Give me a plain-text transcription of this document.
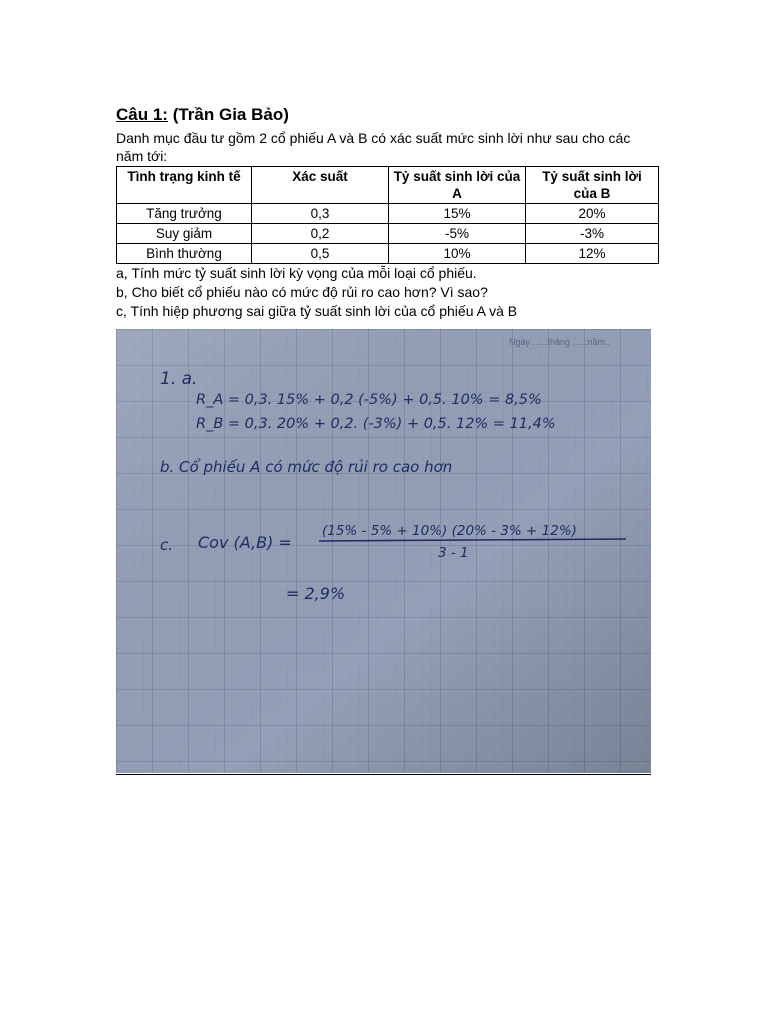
Câu 1: (Trần Gia Bảo)

Danh mục đầu tư gồm 2 cổ phiếu A và B có xác suất mức sinh lời như sau cho các năm tới:

Tình trạng kinh tế	Xác suất	Tỷ suất sinh lời của A	Tỷ suất sinh lời của B
Tăng trưởng	0,3	15%	20%
Suy giảm	0,2	-5%	-3%
Bình thường	0,5	10%	12%

a, Tính mức tỷ suất sinh lời kỳ vọng của mỗi loại cổ phiếu.

b, Cho biết cổ phiếu nào có mức độ rủi ro cao hơn? Vì sao?

c, Tính hiệp phương sai giữa tỷ suất sinh lời của cổ phiếu A và B

Ngày ......tháng ......năm..
1. a.
R_A = 0,3. 15% + 0,2 (-5%) + 0,5. 10% = 8,5%
R_B = 0,3. 20% + 0,2. (-3%) + 0,5. 12% = 11,4%
b. Cổ phiếu A có mức độ rủi ro cao hơn
c. Cov (A,B) =
(15% - 5% + 10%) (20% - 3% + 12%)
3 - 1
= 2,9%
